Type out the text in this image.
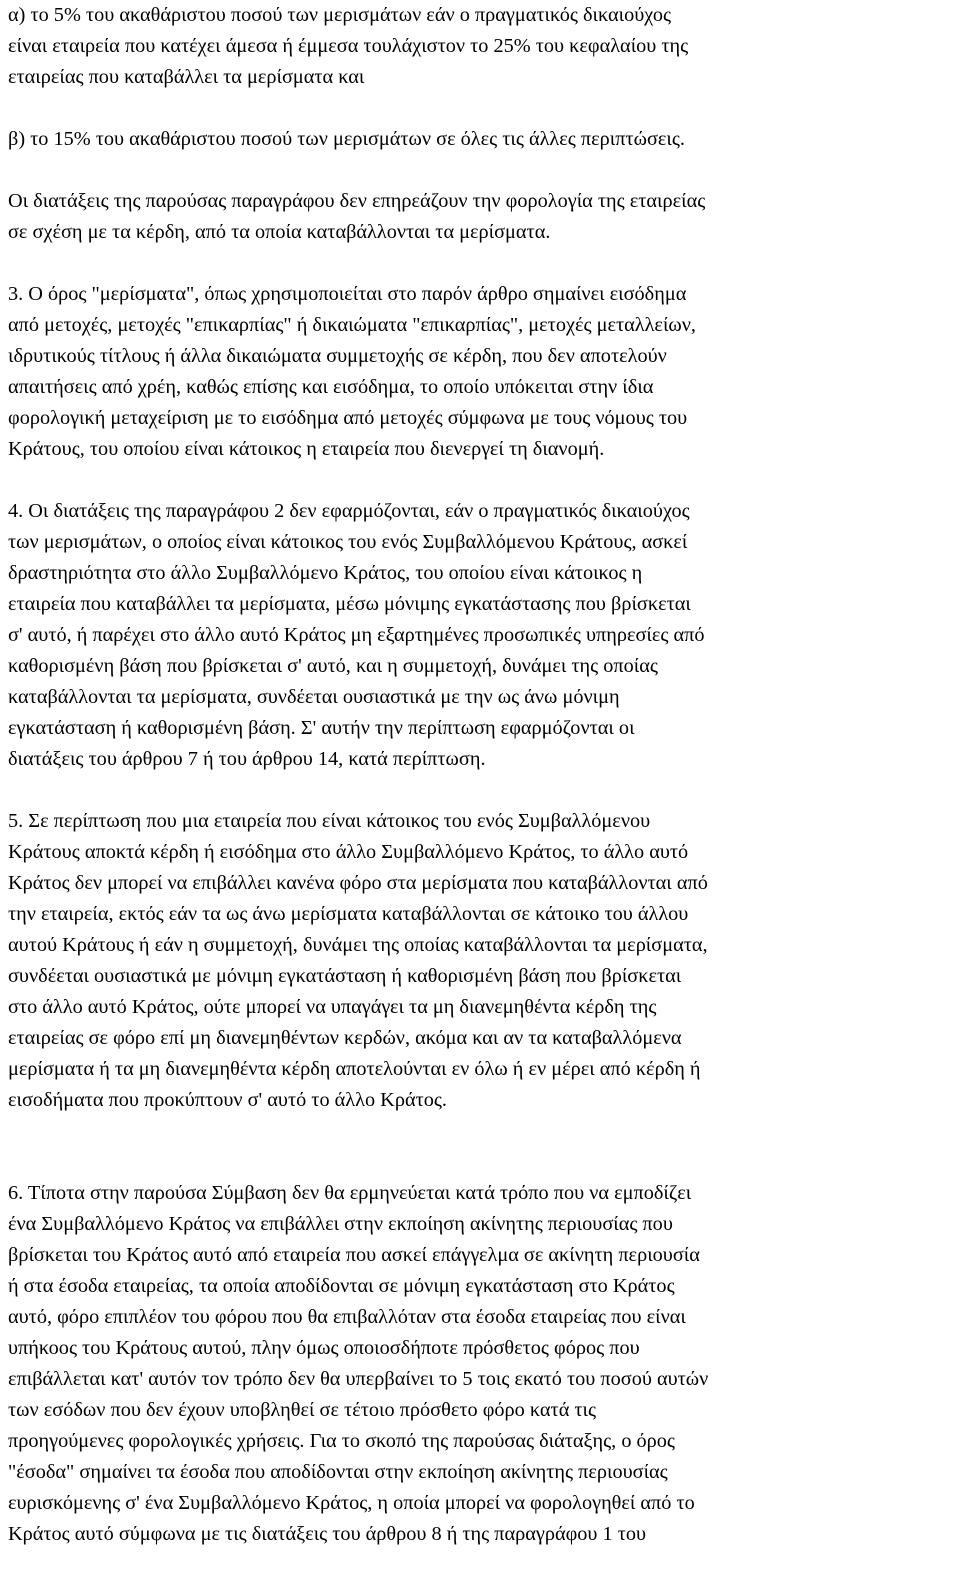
α) το 5% του ακαθάριστου ποσού των μερισμάτων εάν ο πραγματικός δικαιούχος
είναι εταιρεία που κατέχει άμεσα ή έμμεσα τουλάχιστον το 25% του κεφαλαίου της
εταιρείας που καταβάλλει τα μερίσματα και
β) το 15% του ακαθάριστου ποσού των μερισμάτων σε όλες τις άλλες περιπτώσεις.
Οι διατάξεις της παρούσας παραγράφου δεν επηρεάζουν την φορολογία της εταιρείας
σε σχέση με τα κέρδη, από τα οποία καταβάλλονται τα μερίσματα.
3. Ο όρος "μερίσματα", όπως χρησιμοποιείται στο παρόν άρθρο σημαίνει εισόδημα
από μετοχές, μετοχές "επικαρπίας" ή δικαιώματα "επικαρπίας", μετοχές μεταλλείων,
ιδρυτικούς τίτλους ή άλλα δικαιώματα συμμετοχής σε κέρδη, που δεν αποτελούν
απαιτήσεις από χρέη, καθώς επίσης και εισόδημα, το οποίο υπόκειται στην ίδια
φορολογική μεταχείριση με το εισόδημα από μετοχές σύμφωνα με τους νόμους του
Κράτους, του οποίου είναι κάτοικος η εταιρεία που διενεργεί τη διανομή.
4. Οι διατάξεις της παραγράφου 2 δεν εφαρμόζονται, εάν ο πραγματικός δικαιούχος
των μερισμάτων, ο οποίος είναι κάτοικος του ενός Συμβαλλόμενου Κράτους, ασκεί
δραστηριότητα στο άλλο Συμβαλλόμενο Κράτος, του οποίου είναι κάτοικος η
εταιρεία που καταβάλλει τα μερίσματα, μέσω μόνιμης εγκατάστασης που βρίσκεται
σ' αυτό, ή παρέχει στο άλλο αυτό Κράτος μη εξαρτημένες προσωπικές υπηρεσίες από
καθορισμένη βάση που βρίσκεται σ' αυτό, και η συμμετοχή, δυνάμει της οποίας
καταβάλλονται τα μερίσματα, συνδέεται ουσιαστικά με την ως άνω μόνιμη
εγκατάσταση ή καθορισμένη βάση. Σ' αυτήν την περίπτωση εφαρμόζονται οι
διατάξεις του άρθρου 7 ή του άρθρου 14, κατά περίπτωση.
5. Σε περίπτωση που μια εταιρεία που είναι κάτοικος του ενός Συμβαλλόμενου
Κράτους αποκτά κέρδη ή εισόδημα στο άλλο Συμβαλλόμενο Κράτος, το άλλο αυτό
Κράτος δεν μπορεί να επιβάλλει κανένα φόρο στα μερίσματα που καταβάλλονται από
την εταιρεία, εκτός εάν τα ως άνω μερίσματα καταβάλλονται σε κάτοικο του άλλου
αυτού Κράτους ή εάν η συμμετοχή, δυνάμει της οποίας καταβάλλονται τα μερίσματα,
συνδέεται ουσιαστικά με μόνιμη εγκατάσταση ή καθορισμένη βάση που βρίσκεται
στο άλλο αυτό Κράτος, ούτε μπορεί να υπαγάγει τα μη διανεμηθέντα κέρδη της
εταιρείας σε φόρο επί μη διανεμηθέντων κερδών, ακόμα και αν τα καταβαλλόμενα
μερίσματα ή τα μη διανεμηθέντα κέρδη αποτελούνται εν όλω ή εν μέρει από κέρδη ή
εισοδήματα που προκύπτουν σ' αυτό το άλλο Κράτος.
6. Τίποτα στην παρούσα Σύμβαση δεν θα ερμηνεύεται κατά τρόπο που να εμποδίζει
ένα Συμβαλλόμενο Κράτος να επιβάλλει στην εκποίηση ακίνητης περιουσίας που
βρίσκεται του Κράτος αυτό από εταιρεία που ασκεί επάγγελμα σε ακίνητη περιουσία
ή στα έσοδα εταιρείας, τα οποία αποδίδονται σε μόνιμη εγκατάσταση στο Κράτος
αυτό, φόρο επιπλέον του φόρου που θα επιβαλλόταν στα έσοδα εταιρείας που είναι
υπήκοος του Κράτους αυτού, πλην όμως οποιοσδήποτε πρόσθετος φόρος που
επιβάλλεται κατ' αυτόν τον τρόπο δεν θα υπερβαίνει το 5 τοις εκατό του ποσού αυτών
των εσόδων που δεν έχουν υποβληθεί σε τέτοιο πρόσθετο φόρο κατά τις
προηγούμενες φορολογικές χρήσεις. Για το σκοπό της παρούσας διάταξης, ο όρος
"έσοδα" σημαίνει τα έσοδα που αποδίδονται στην εκποίηση ακίνητης περιουσίας
ευρισκόμενης σ' ένα Συμβαλλόμενο Κράτος, η οποία μπορεί να φορολογηθεί από το
Κράτος αυτό σύμφωνα με τις διατάξεις του άρθρου 8 ή της παραγράφου 1 του
